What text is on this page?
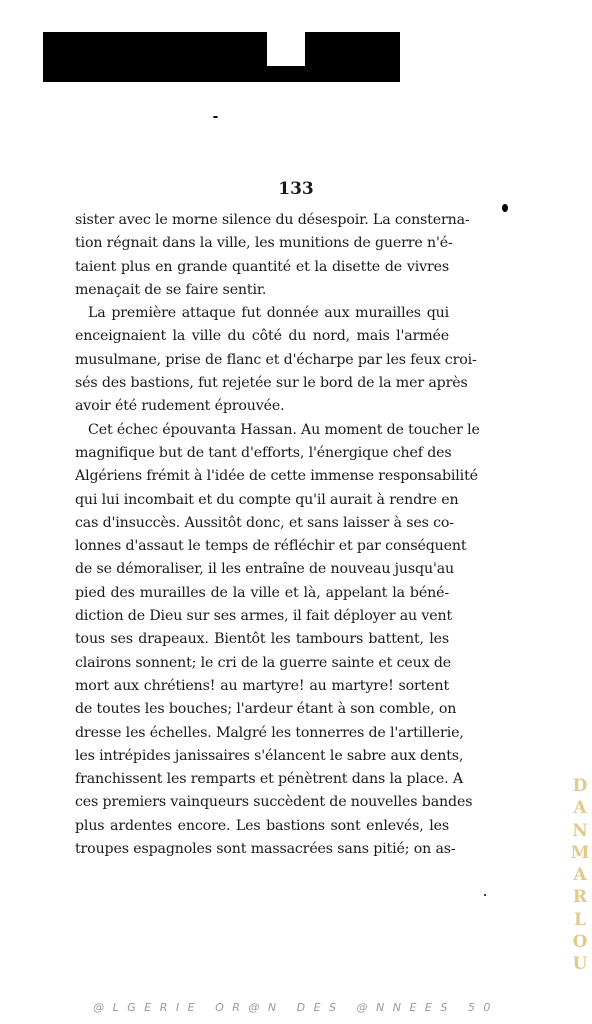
133

sister avec le morne silence du désespoir. La consterna-
tion régnait dans la ville, les munitions de guerre n'é-
taient plus en grande quantité et la disette de vivres
menaçait de se faire sentir.
La première attaque fut donnée aux murailles qui
enceignaient la ville du côté du nord, mais l'armée
musulmane, prise de flanc et d'écharpe par les feux croi-
sés des bastions, fut rejetée sur le bord de la mer après
avoir été rudement éprouvée.
Cet échec épouvanta Hassan. Au moment de toucher le
magnifique but de tant d'efforts, l'énergique chef des
Algériens frémit à l'idée de cette immense responsabilité
qui lui incombait et du compte qu'il aurait à rendre en
cas d'insuccès. Aussitôt donc, et sans laisser à ses co-
lonnes d'assaut le temps de réfléchir et par conséquent
de se démoraliser, il les entraîne de nouveau jusqu'au
pied des murailles de la ville et là, appelant la béné-
diction de Dieu sur ses armes, il fait déployer au vent
tous ses drapeaux. Bientôt les tambours battent, les
clairons sonnent; le cri de la guerre sainte et ceux de
mort aux chrétiens! au martyre! au martyre! sortent
de toutes les bouches; l'ardeur étant à son comble, on
dresse les échelles. Malgré les tonnerres de l'artillerie,
les intrépides janissaires s'élancent le sabre aux dents,
franchissent les remparts et pénètrent dans la place. A
ces premiers vainqueurs succèdent de nouvelles bandes
plus ardentes encore. Les bastions sont enlevés, les
troupes espagnoles sont massacrées sans pitié; on as-
D
A
N
M
A
R
L
O
U
@LGERIE OR@N DES @NNEES 50
